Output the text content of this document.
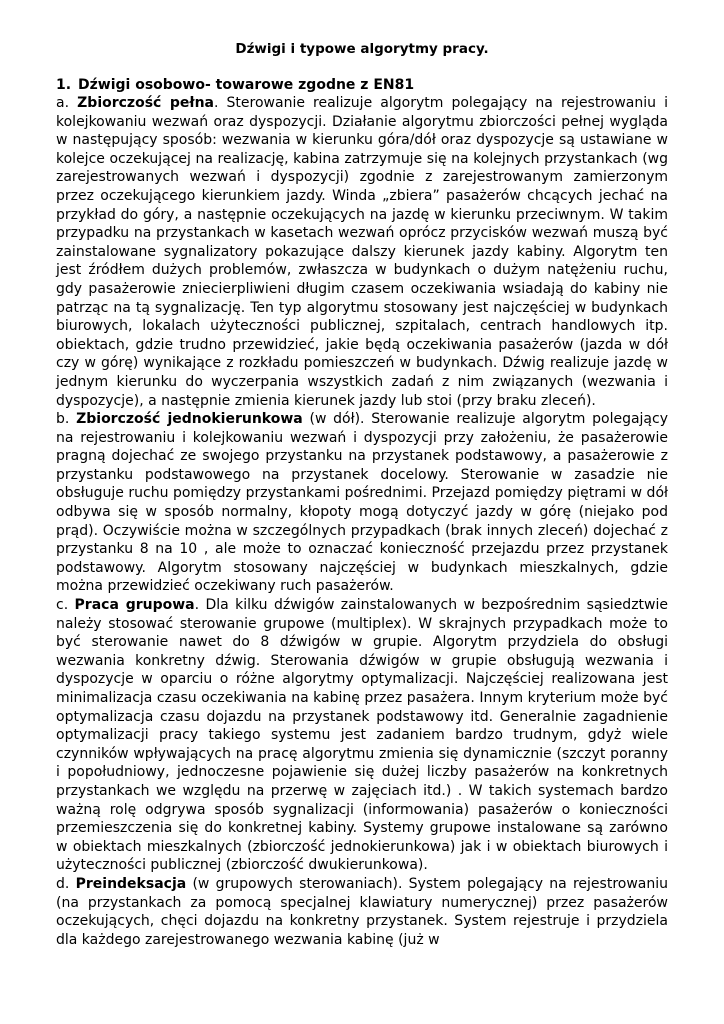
Dźwigi i typowe algorytmy pracy.

1. Dźwigi osobowo- towarowe zgodne z EN81

a. Zbiorczość pełna. Sterowanie realizuje algorytm polegający na rejestrowaniu i kolejkowaniu wezwań oraz dyspozycji. Działanie algorytmu zbiorczości pełnej wygląda w następujący sposób: wezwania w kierunku góra/dół oraz dyspozycje są ustawiane w kolejce oczekującej na realizację, kabina zatrzymuje się na kolejnych przystankach (wg zarejestrowanych wezwań i dyspozycji) zgodnie z zarejestrowanym zamierzonym przez oczekującego kierunkiem jazdy. Winda „zbiera” pasażerów chcących jechać na przykład do góry, a następnie oczekujących na jazdę w kierunku przeciwnym. W takim przypadku na przystankach w kasetach wezwań oprócz przycisków wezwań muszą być zainstalowane sygnalizatory pokazujące dalszy kierunek jazdy kabiny. Algorytm ten jest źródłem dużych problemów, zwłaszcza w budynkach o dużym natężeniu ruchu, gdy pasażerowie zniecierpliwieni długim czasem oczekiwania wsiadają do kabiny nie patrząc na tą sygnalizację. Ten typ algorytmu stosowany jest najczęściej w budynkach biurowych, lokalach użyteczności publicznej, szpitalach, centrach handlowych itp. obiektach, gdzie trudno przewidzieć, jakie będą oczekiwania pasażerów (jazda w dół czy w górę) wynikające z rozkładu pomieszczeń w budynkach. Dźwig realizuje jazdę w jednym kierunku do wyczerpania wszystkich zadań z nim związanych (wezwania i dyspozycje), a następnie zmienia kierunek jazdy lub stoi (przy braku zleceń).

b. Zbiorczość jednokierunkowa (w dół). Sterowanie realizuje algorytm polegający na rejestrowaniu i kolejkowaniu wezwań i dyspozycji przy założeniu, że pasażerowie pragną dojechać ze swojego przystanku na przystanek podstawowy, a pasażerowie z przystanku podstawowego na przystanek docelowy. Sterowanie w zasadzie nie obsługuje ruchu pomiędzy przystankami pośrednimi. Przejazd pomiędzy piętrami w dół odbywa się w sposób normalny, kłopoty mogą dotyczyć jazdy w górę (niejako pod prąd). Oczywiście można w szczególnych przypadkach (brak innych zleceń) dojechać z przystanku 8 na 10 , ale może to oznaczać konieczność przejazdu przez przystanek podstawowy. Algorytm stosowany najczęściej w budynkach mieszkalnych, gdzie można przewidzieć oczekiwany ruch pasażerów.

c. Praca grupowa. Dla kilku dźwigów zainstalowanych w bezpośrednim sąsiedztwie należy stosować sterowanie grupowe (multiplex). W skrajnych przypadkach może to być sterowanie nawet do 8 dźwigów w grupie. Algorytm przydziela do obsługi wezwania konkretny dźwig. Sterowania dźwigów w grupie obsługują wezwania i dyspozycje w oparciu o różne algorytmy optymalizacji. Najczęściej realizowana jest minimalizacja czasu oczekiwania na kabinę przez pasażera. Innym kryterium może być optymalizacja czasu dojazdu na przystanek podstawowy itd. Generalnie zagadnienie optymalizacji pracy takiego systemu jest zadaniem bardzo trudnym, gdyż wiele czynników wpływających na pracę algorytmu zmienia się dynamicznie (szczyt poranny i popołudniowy, jednoczesne pojawienie się dużej liczby pasażerów na konkretnych przystankach we względu na przerwę w zajęciach itd.) . W takich systemach bardzo ważną rolę odgrywa sposób sygnalizacji (informowania) pasażerów o konieczności przemieszczenia się do konkretnej kabiny. Systemy grupowe instalowane są zarówno w obiektach mieszkalnych (zbiorczość jednokierunkowa) jak i w obiektach biurowych i użyteczności publicznej (zbiorczość dwukierunkowa).

d. Preindeksacja (w grupowych sterowaniach). System polegający na rejestrowaniu (na przystankach za pomocą specjalnej klawiatury numerycznej) przez pasażerów oczekujących, chęci dojazdu na konkretny przystanek. System rejestruje i przydziela dla każdego zarejestrowanego wezwania kabinę (już w
